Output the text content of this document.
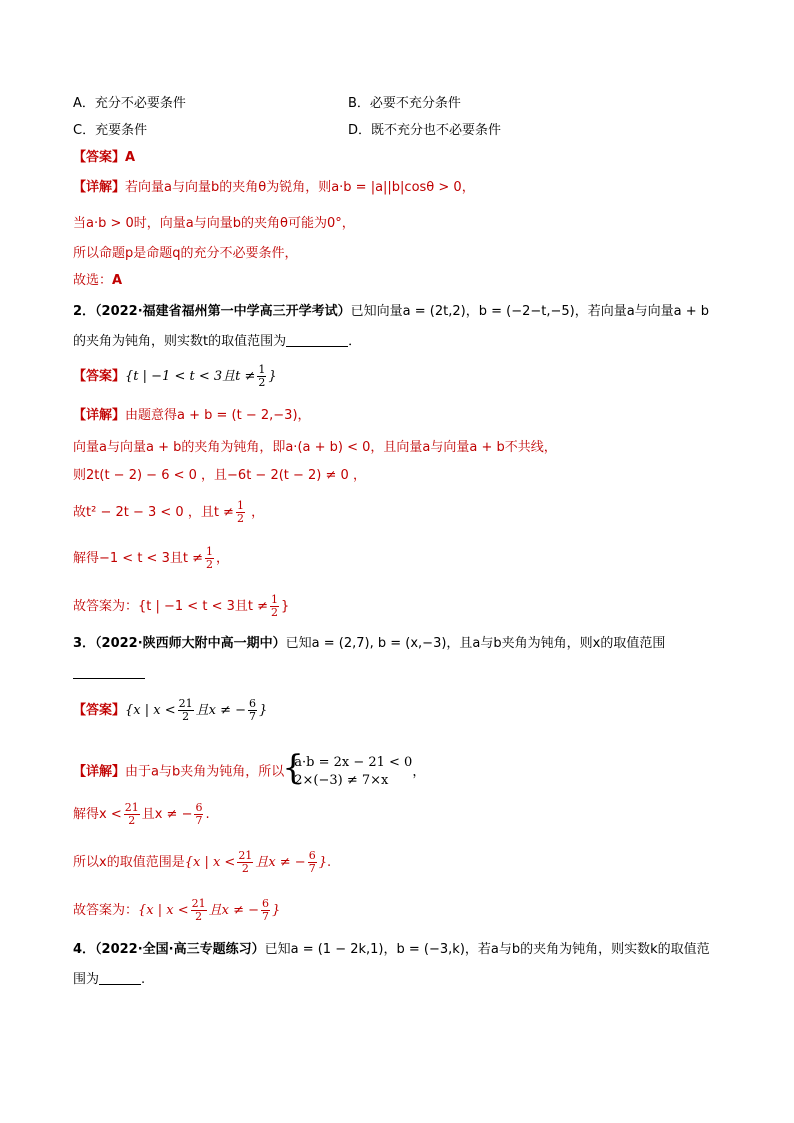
A．充分不必要条件	B．必要不充分条件
C．充要条件	D．既不充分也不必要条件
【答案】A
【详解】若向量a与向量b的夹角θ为锐角，则a·b = |a||b|cosθ > 0，
当a·b > 0时，向量a与向量b的夹角θ可能为0°，
所以命题p是命题q的充分不必要条件，
故选：A
2．（2022·福建省福州第一中学高三开学考试）已知向量a = (2t,2)，b = (−2−t,−5)，若向量a与向量a + b
的夹角为钝角，则实数t的取值范围为	．
【答案】{t | −1 < t < 3且$t \ne \frac{1}{2}$ }
【详解】由题意得a + b = (t − 2,−3)，
向量a与向量a + b的夹角为钝角，即a·(a + b) < 0，且向量a与向量a + b不共线，
则2t(t − 2) − 6 < 0 ，且−6t − 2(t − 2) ≠ 0 ，
故t² − 2t − 3 < 0 ，且$t \ne \frac{1}{2}$ ，
解得−1 < t < 3且$t \ne \frac{1}{2}$ ，
故答案为：{t | −1 < t < 3且$t \ne \frac{1}{2}$ }
3．（2022·陕西师大附中高一期中）已知a = (2,7), b = (x,−3)，且a与b夹角为钝角，则x的取值范围
【答案】{x | $x < \frac{21}{2}$ 且x ≠ − $\frac{6}{7}$ }
【详解】由于a与b夹角为钝角，所以
{ a·b = 2x − 21 < 0
2×(−3) ≠ 7×x
，
解得$x < \frac{21}{2}$ 且x ≠ − $\frac{6}{7}$ .
所以x的取值范围是{x | $x < \frac{21}{2}$ 且x ≠ − $\frac{6}{7}$ }.
故答案为：{x | $x < \frac{21}{2}$ 且x ≠ − $\frac{6}{7}$ }
4．（2022·全国·高三专题练习）已知a = (1 − 2k,1)，b = (−3,k)，若a与b的夹角为钝角，则实数k的取值范
围为	.
